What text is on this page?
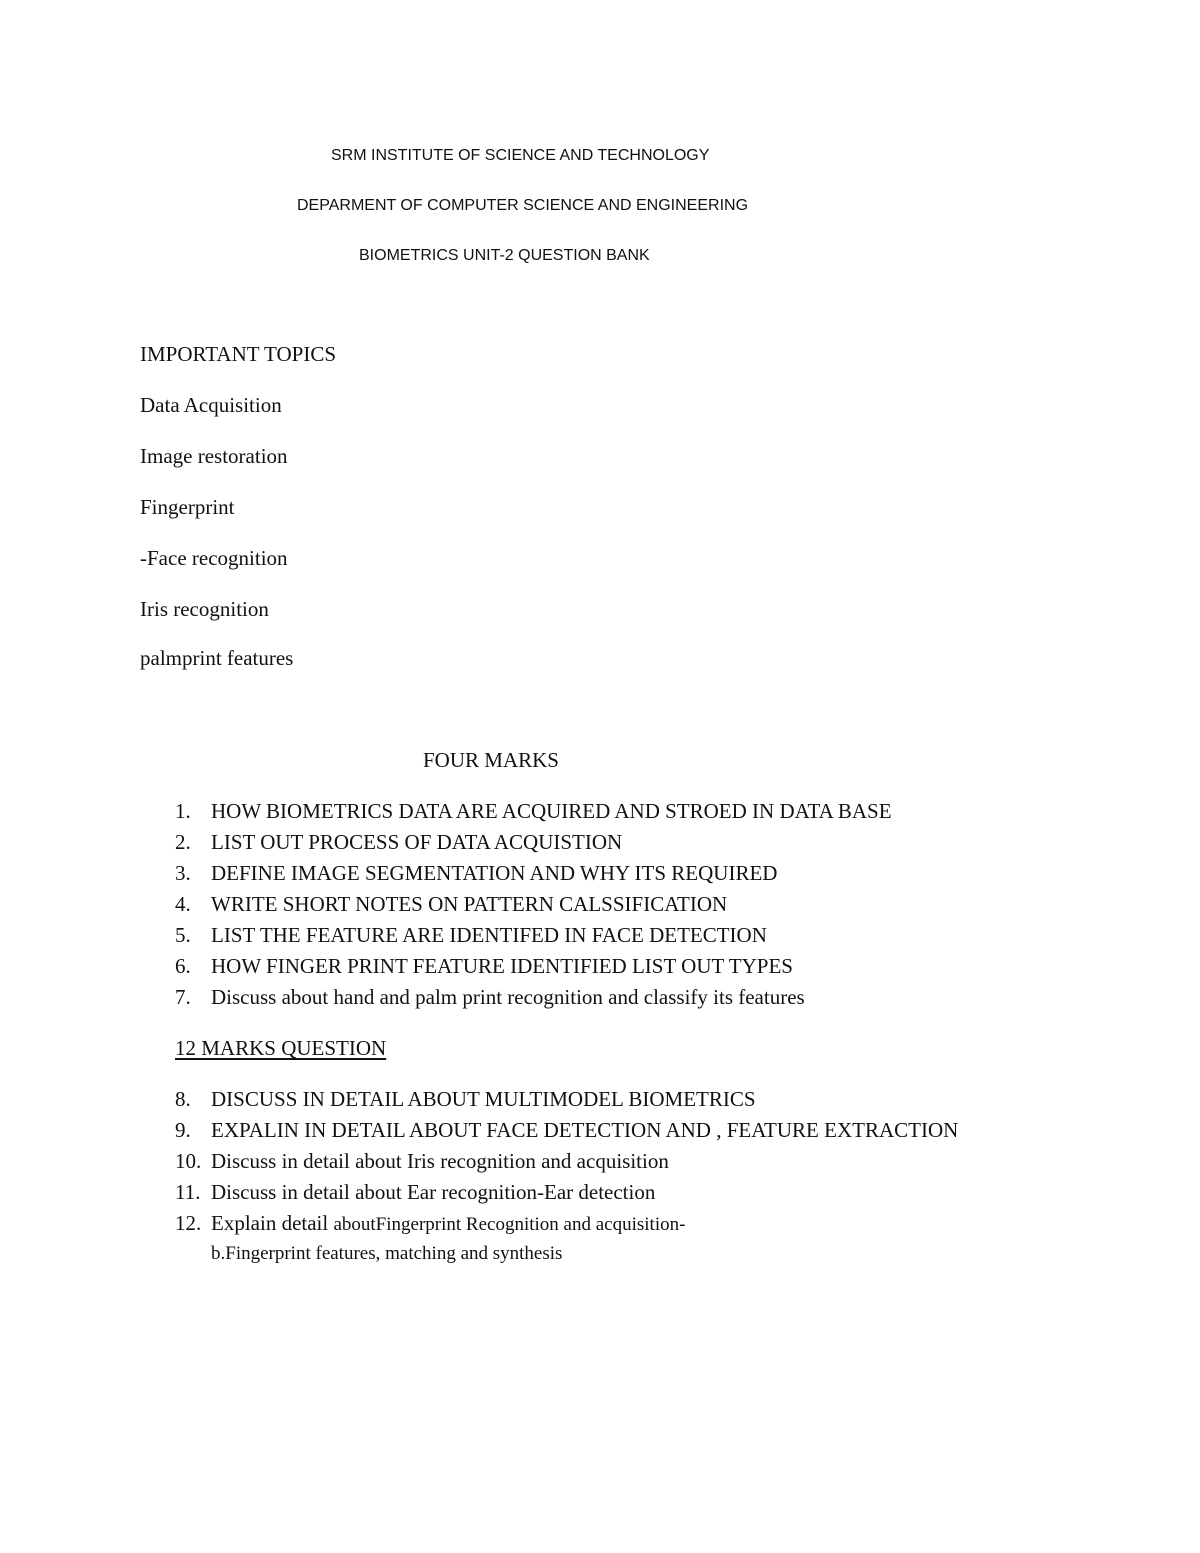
SRM INSTITUTE OF SCIENCE AND TECHNOLOGY
DEPARMENT OF COMPUTER SCIENCE AND ENGINEERING
BIOMETRICS UNIT-2 QUESTION BANK
IMPORTANT TOPICS
Data Acquisition
Image restoration
Fingerprint
-Face recognition
Iris recognition
palmprint features
FOUR MARKS
1. HOW BIOMETRICS DATA ARE ACQUIRED AND STROED IN DATA BASE
2. LIST OUT PROCESS OF DATA ACQUISTION
3. DEFINE IMAGE SEGMENTATION AND WHY ITS REQUIRED
4. WRITE SHORT NOTES ON PATTERN CALSSIFICATION
5. LIST THE FEATURE ARE IDENTIFED IN FACE DETECTION
6. HOW FINGER PRINT FEATURE IDENTIFIED LIST OUT TYPES
7. Discuss about hand and palm print recognition and classify its features
12 MARKS QUESTION
8. DISCUSS IN DETAIL ABOUT MULTIMODEL BIOMETRICS
9. EXPALIN IN DETAIL ABOUT FACE DETECTION AND , FEATURE EXTRACTION
10. Discuss in detail about Iris recognition and acquisition
11. Discuss in detail about Ear recognition-Ear detection
12. Explain detail aboutFingerprint Recognition and acquisition-
b.Fingerprint features, matching and synthesis
